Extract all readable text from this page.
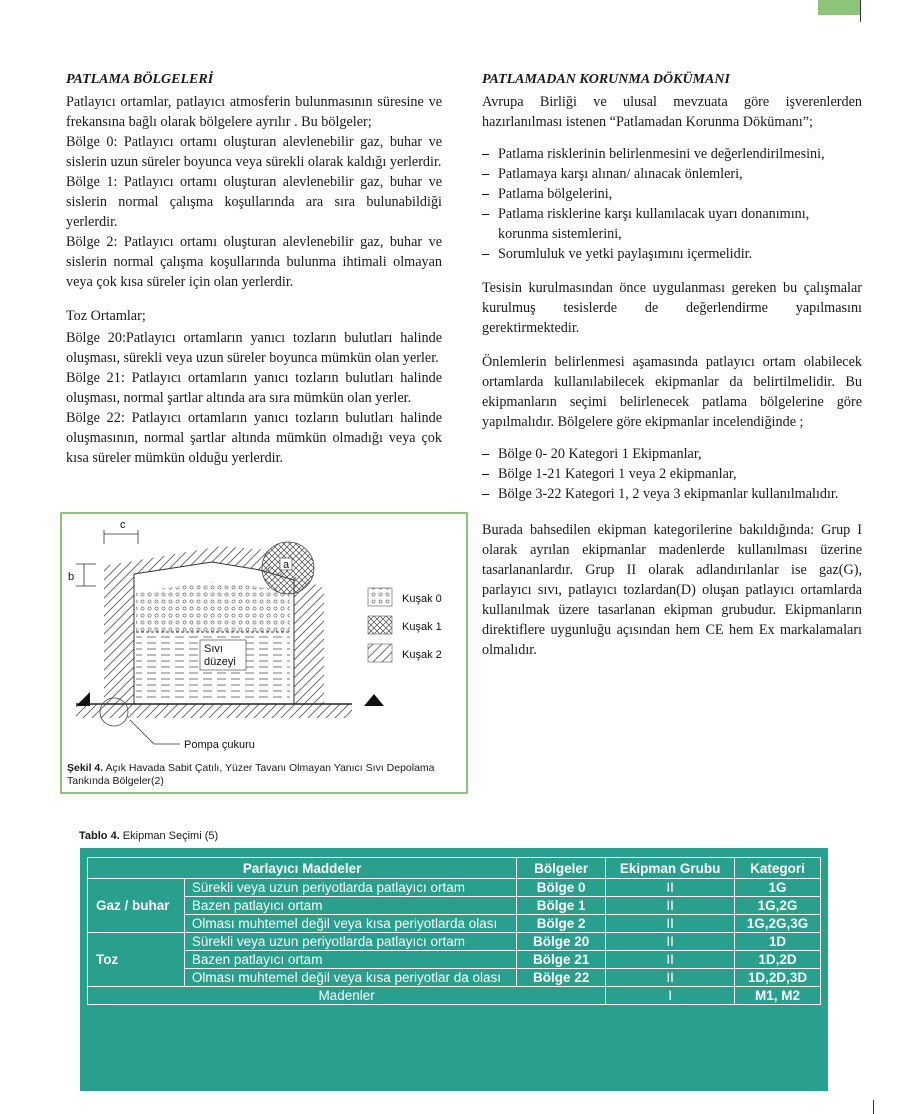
PATLAMA BÖLGELERİ

Patlayıcı ortamlar, patlayıcı atmosferin bulunmasının süresine ve frekansına bağlı olarak bölgelere ayrılır . Bu bölgeler;

Bölge 0: Patlayıcı ortamı oluşturan alevlenebilir gaz, buhar ve sislerin uzun süreler boyunca veya sürekli olarak kaldığı yerlerdir.

Bölge 1: Patlayıcı ortamı oluşturan alevlenebilir gaz, buhar ve sislerin normal çalışma koşullarında ara sıra bulunabildiği yerlerdir.

Bölge 2: Patlayıcı ortamı oluşturan alevlenebilir gaz, buhar ve sislerin normal çalışma koşullarında bulunma ihtimali olmayan veya çok kısa süreler için olan yerlerdir.

Toz Ortamlar;

Bölge 20:Patlayıcı ortamların yanıcı tozların bulutları halinde oluşması, sürekli veya uzun süreler boyunca mümkün olan yerler.

Bölge 21: Patlayıcı ortamların yanıcı tozların bulutları halinde oluşması, normal şartlar altında ara sıra mümkün olan yerler.

Bölge 22: Patlayıcı ortamların yanıcı tozların bulutları halinde oluşmasının, normal şartlar altında mümkün olmadığı veya çok kısa süreler mümkün olduğu yerlerdir.

PATLAMADAN KORUNMA DÖKÜMANI

Avrupa Birliği ve ulusal mevzuata göre işverenlerden hazırlanılması istenen “Patlamadan Korunma Dökümanı”;

– Patlama risklerinin belirlenmesini ve değerlendirilmesini,
– Patlamaya karşı alınan/ alınacak önlemleri,
– Patlama bölgelerini,
– Patlama risklerine karşı kullanılacak uyarı donanımını, korunma sistemlerini,
– Sorumluluk ve yetki paylaşımını içermelidir.

Tesisin kurulmasından önce uygulanması gereken bu çalışmalar kurulmuş tesislerde de değerlendirme yapılmasını gerektirmektedir.

Önlemlerin belirlenmesi aşamasında patlayıcı ortam olabilecek ortamlarda kullanılabilecek ekipmanlar da belirtilmelidir. Bu ekipmanların seçimi belirlenecek patlama bölgelerine göre yapılmalıdır. Bölgelere göre ekipmanlar incelendiğinde ;

– Bölge 0- 20 Kategori 1 Ekipmanlar,
– Bölge 1-21 Kategori 1 veya 2 ekipmanlar,
– Bölge 3-22 Kategori 1, 2 veya 3 ekipmanlar kullanılmalıdır.

Burada bahsedilen ekipman kategorilerine bakıldığında: Grup I olarak ayrılan ekipmanlar madenlerde kullanılması üzerine tasarlananlardır. Grup II olarak adlandırılanlar ise gaz(G), parlayıcı sıvı, patlayıcı tozlardan(D) oluşan patlayıcı ortamlarda kullanılmak üzere tasarlanan ekipman grubudur. Ekipmanların direktiflere uygunluğu açısından hem CE hem Ex markalamaları olmalıdır.

c
b
a
Sıvı
düzeyi
Kuşak 0
Kuşak 1
Kuşak 2
Pompa çukuru
Şekil 4. Açık Havada Sabit Çatılı, Yüzer Tavanı Olmayan Yanıcı Sıvı Depolama Tankında Bölgeler(2)
Tablo 4. Ekipman Seçimi (5)
Parlayıcı Maddeler		Bölgeler	Ekipman Grubu	Kategori
Gaz / buhar	Sürekli veya uzun periyotlarda patlayıcı ortam	Bölge 0	II	1G
	Bazen patlayıcı ortam	Bölge 1	II	1G,2G
	Olması muhtemel değil veya kısa periyotlarda olası	Bölge 2	II	1G,2G,3G
Toz	Sürekli veya uzun periyotlarda patlayıcı ortam	Bölge 20	II	1D
	Bazen patlayıcı ortam	Bölge 21	II	1D,2D
	Olması muhtemel değil veya kısa periyotlar da olası	Bölge 22	II	1D,2D,3D
Madenler			I	M1, M2
